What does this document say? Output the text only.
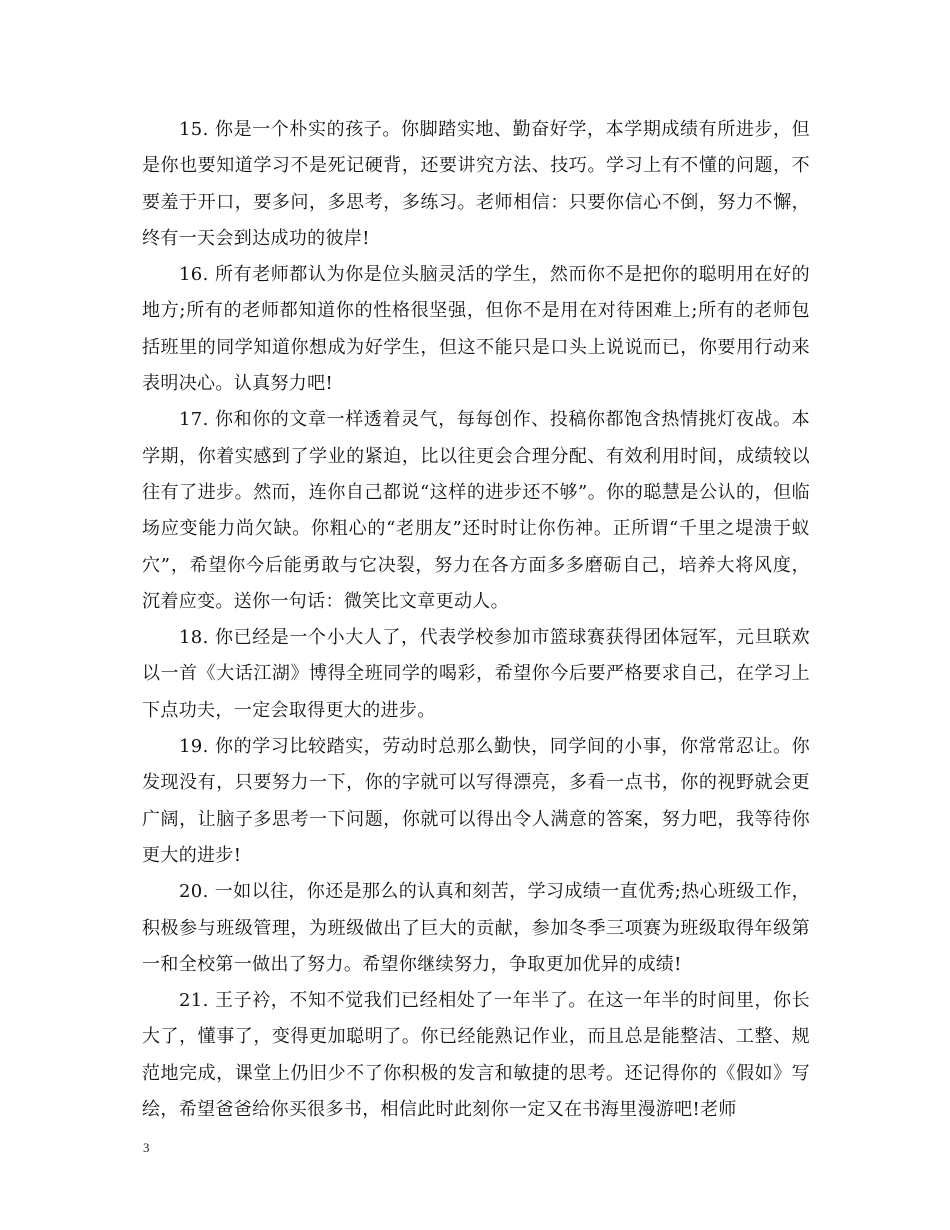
15. 你是一个朴实的孩子。你脚踏实地、勤奋好学，本学期成绩有所进步，但是你也要知道学习不是死记硬背，还要讲究方法、技巧。学习上有不懂的问题，不要羞于开口，要多问，多思考，多练习。老师相信：只要你信心不倒，努力不懈，终有一天会到达成功的彼岸!

16. 所有老师都认为你是位头脑灵活的学生，然而你不是把你的聪明用在好的地方;所有的老师都知道你的性格很坚强，但你不是用在对待困难上;所有的老师包括班里的同学知道你想成为好学生，但这不能只是口头上说说而已，你要用行动来表明决心。认真努力吧!

17. 你和你的文章一样透着灵气，每每创作、投稿你都饱含热情挑灯夜战。本学期，你着实感到了学业的紧迫，比以往更会合理分配、有效利用时间，成绩较以往有了进步。然而，连你自己都说“这样的进步还不够”。你的聪慧是公认的，但临场应变能力尚欠缺。你粗心的“老朋友”还时时让你伤神。正所谓“千里之堤溃于蚁穴”，希望你今后能勇敢与它决裂，努力在各方面多多磨砺自己，培养大将风度，沉着应变。送你一句话：微笑比文章更动人。

18. 你已经是一个小大人了，代表学校参加市篮球赛获得团体冠军，元旦联欢以一首《大话江湖》博得全班同学的喝彩，希望你今后要严格要求自己，在学习上下点功夫，一定会取得更大的进步。

19. 你的学习比较踏实，劳动时总那么勤快，同学间的小事，你常常忍让。你发现没有，只要努力一下，你的字就可以写得漂亮，多看一点书，你的视野就会更广阔，让脑子多思考一下问题，你就可以得出令人满意的答案，努力吧，我等待你更大的进步!

20. 一如以往，你还是那么的认真和刻苦，学习成绩一直优秀;热心班级工作，积极参与班级管理，为班级做出了巨大的贡献，参加冬季三项赛为班级取得年级第一和全校第一做出了努力。希望你继续努力，争取更加优异的成绩!

21. 王子衿，不知不觉我们已经相处了一年半了。在这一年半的时间里，你长大了，懂事了，变得更加聪明了。你已经能熟记作业，而且总是能整洁、工整、规范地完成，课堂上仍旧少不了你积极的发言和敏捷的思考。还记得你的《假如》写绘，希望爸爸给你买很多书，相信此时此刻你一定又在书海里漫游吧!老师

3
